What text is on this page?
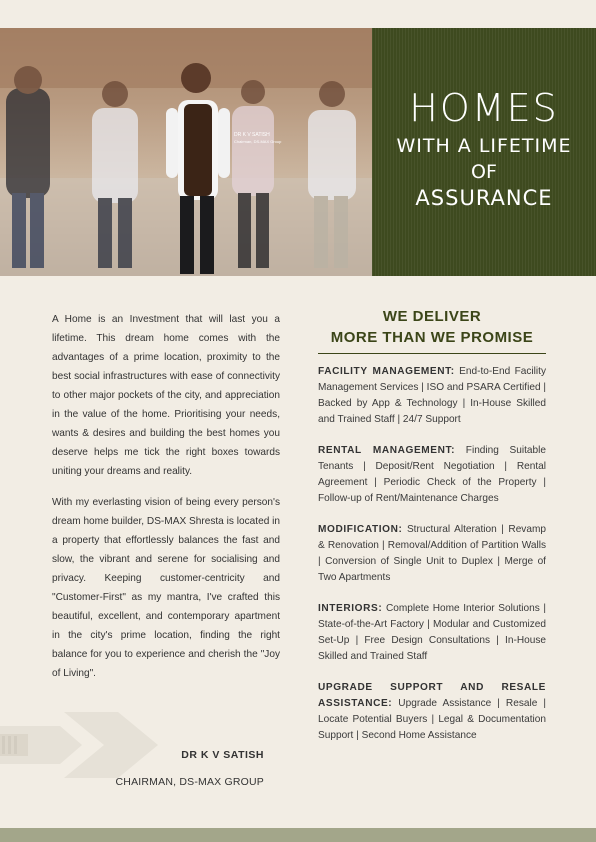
DR K V SATISH
Chairman, DS-MAX Group
HOMES
WITH A LIFETIME
OF
ASSURANCE

A Home is an Investment that will last you a lifetime. This dream home comes with the advantages of a prime location, proximity to the best social infrastructures with ease of connectivity to other major pockets of the city, and appreciation in the value of the home. Prioritising your needs, wants & desires and building the best homes you deserve helps me tick the right boxes towards uniting your dreams and reality.

With my everlasting vision of being every person's dream home builder, DS-MAX Shresta is located in a property that effortlessly balances the fast and slow, the vibrant and serene for socialising and privacy. Keeping customer-centricity and "Customer-First" as my mantra, I've crafted this beautiful, excellent, and contemporary apartment in the city's prime location, finding the right balance for you to experience and cherish the "Joy of Living".

DR K V SATISH
CHAIRMAN, DS-MAX GROUP
WE DELIVER
MORE THAN WE PROMISE
FACILITY MANAGEMENT: End-to-End Facility Management Services | ISO and PSARA Certified | Backed by App & Technology | In-House Skilled and Trained Staff | 24/7 Support
RENTAL MANAGEMENT: Finding Suitable Tenants | Deposit/Rent Negotiation | Rental Agreement | Periodic Check of the Property | Follow-up of Rent/Maintenance Charges
MODIFICATION: Structural Alteration | Revamp & Renovation | Removal/Addition of Partition Walls | Conversion of Single Unit to Duplex | Merge of Two Apartments
INTERIORS: Complete Home Interior Solutions | State-of-the-Art Factory | Modular and Customized Set-Up | Free Design Consultations | In-House Skilled and Trained Staff
UPGRADE SUPPORT AND RESALE ASSISTANCE: Upgrade Assistance | Resale | Locate Potential Buyers | Legal & Documentation Support | Second Home Assistance
